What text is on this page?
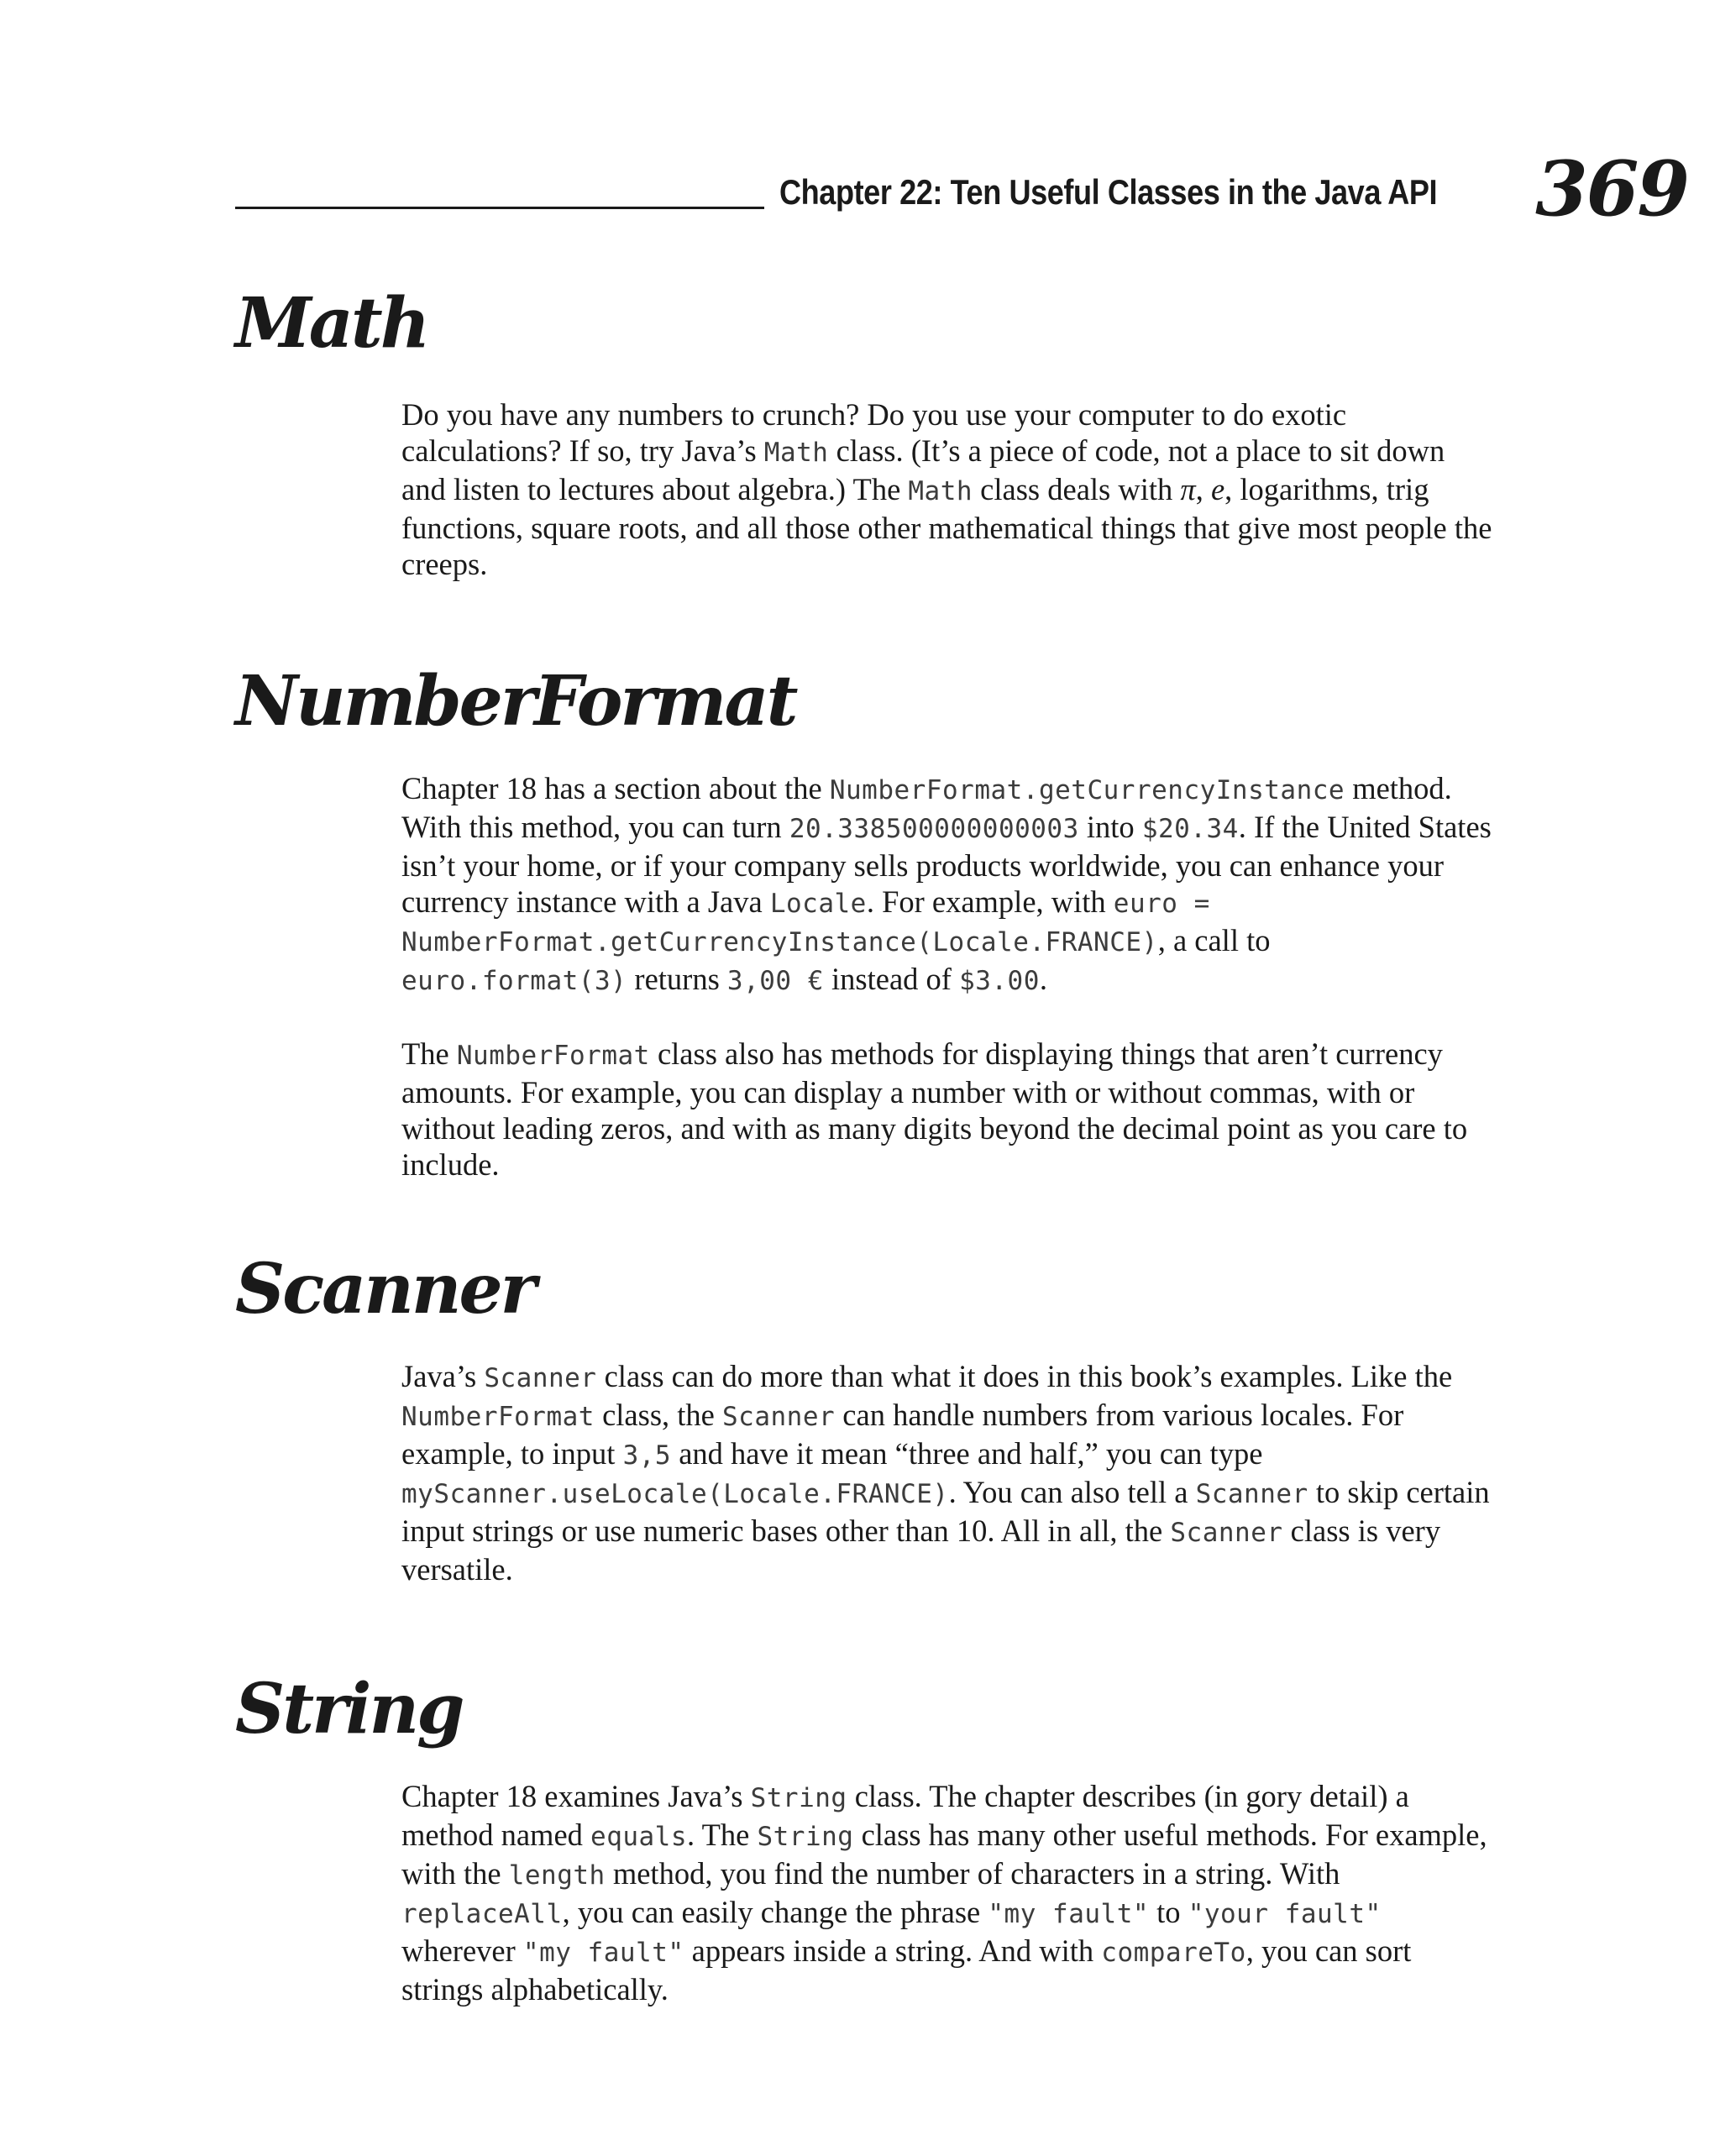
Chapter 22: Ten Useful Classes in the Java API 369
Math

Do you have any numbers to crunch? Do you use your computer to do exotic calculations? If so, try Java’s Math class. (It’s a piece of code, not a place to sit down and listen to lectures about algebra.) The Math class deals with π, e, logarithms, trig functions, square roots, and all those other mathematical things that give most people the creeps.

NumberFormat

Chapter 18 has a section about the NumberFormat.getCurrencyInstance method. With this method, you can turn 20.338500000000003 into $20.34. If the United States isn’t your home, or if your company sells products worldwide, you can enhance your currency instance with a Java Locale. For example, with euro = NumberFormat.getCurrencyInstance(Locale.FRANCE), a call to euro.format(3) returns 3,00 € instead of $3.00.

The NumberFormat class also has methods for displaying things that aren’t currency amounts. For example, you can display a number with or without commas, with or without leading zeros, and with as many digits beyond the decimal point as you care to include.

Scanner

Java’s Scanner class can do more than what it does in this book’s examples. Like the NumberFormat class, the Scanner can handle numbers from various locales. For example, to input 3,5 and have it mean “three and half,” you can type myScanner.useLocale(Locale.FRANCE). You can also tell a Scanner to skip certain input strings or use numeric bases other than 10. All in all, the Scanner class is very versatile.

String

Chapter 18 examines Java’s String class. The chapter describes (in gory detail) a method named equals. The String class has many other useful methods. For example, with the length method, you find the number of characters in a string. With replaceAll, you can easily change the phrase "my fault" to "your fault" wherever "my fault" appears inside a string. And with compareTo, you can sort strings alphabetically.
